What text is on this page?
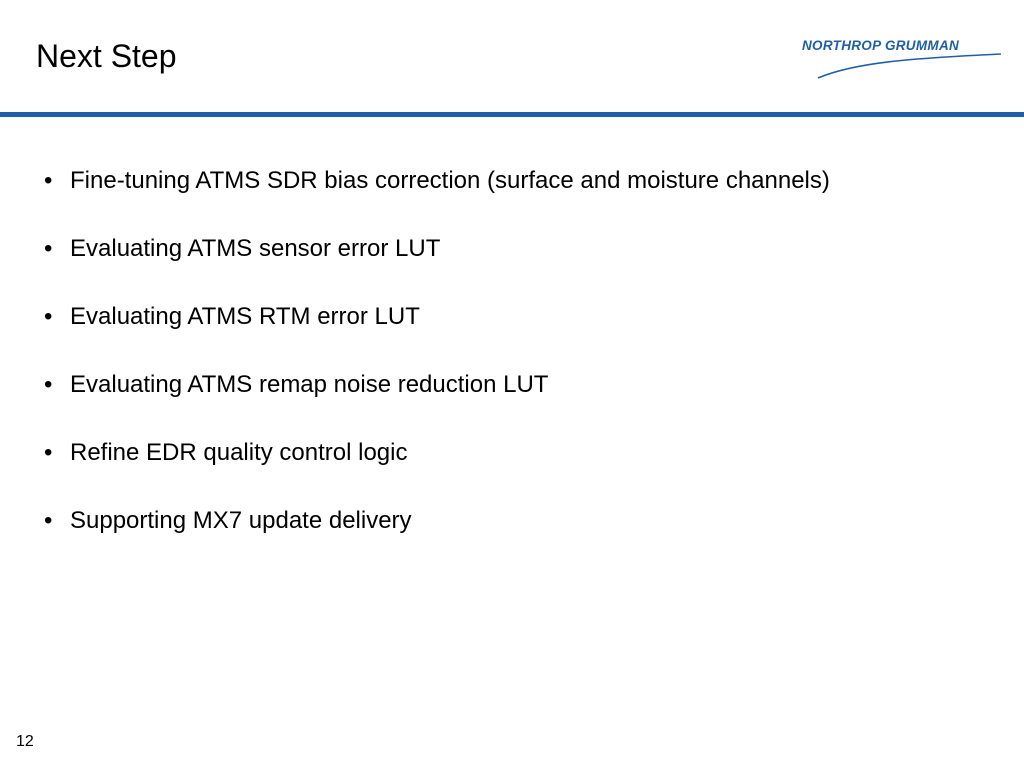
Next Step	NORTHROP GRUMMAN
• Fine-tuning ATMS SDR bias correction (surface and moisture channels)
• Evaluating ATMS sensor error LUT
• Evaluating ATMS RTM error LUT
• Evaluating ATMS remap noise reduction LUT
• Refine EDR quality control logic
• Supporting MX7 update delivery
12
